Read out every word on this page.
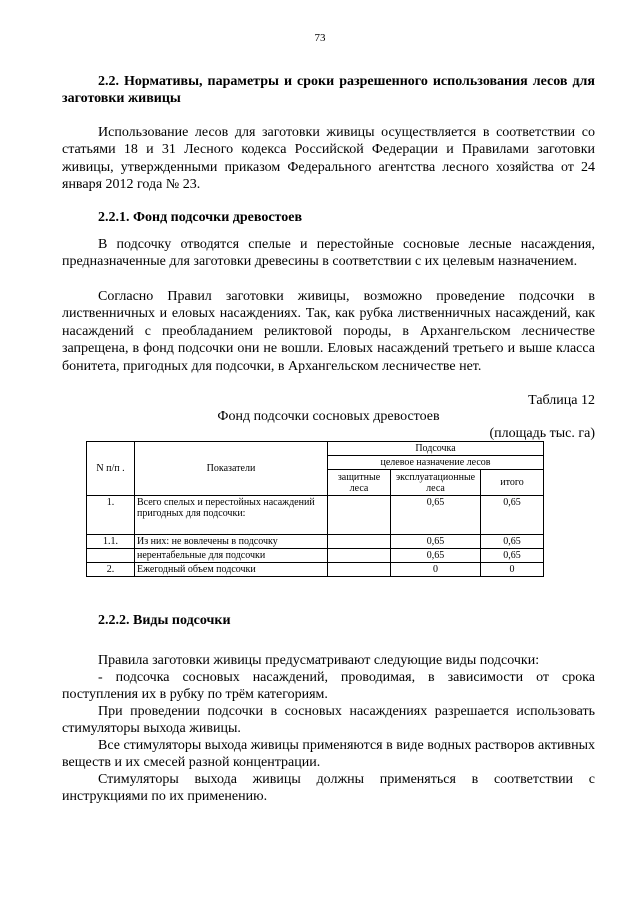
73
2.2. Нормативы, параметры и сроки разрешенного использования лесов для заготовки живицы
Использование лесов для заготовки живицы осуществляется в соответствии со статьями 18 и 31 Лесного кодекса Российской Федерации и Правилами заготовки живицы, утвержденными приказом Федерального агентства лесного хозяйства от 24 января 2012 года № 23.
2.2.1. Фонд подсочки древостоев
В подсочку отводятся спелые и перестойные сосновые лесные насаждения, предназначенные для заготовки древесины в соответствии с их целевым назначением.
Согласно Правил заготовки живицы, возможно проведение подсочки в лиственничных и еловых насаждениях. Так, как рубка лиственничных насаждений, как насаждений с преобладанием реликтовой породы, в Архангельском лесничестве запрещена, в фонд подсочки они не вошли. Еловых насаждений третьего и выше класса бонитета, пригодных для подсочки, в Архангельском лесничестве нет.
Таблица 12
Фонд подсочки сосновых древостоев
(площадь тыс. га)
N п/п .	Показатели	Подсочка		
		целевое назначение лесов		
		защитные леса	эксплуатационные леса	итого
1.	Всего спелых и перестойных насаждений пригодных для подсочки:		0,65	0,65
1.1.	Из них: не вовлечены в подсочку		0,65	0,65
	нерентабельные для подсочки		0,65	0,65
2.	Ежегодный объем подсочки		0	0
2.2.2. Виды подсочки
Правила заготовки живицы предусматривают следующие виды подсочки:
- подсочка сосновых насаждений, проводимая, в зависимости от срока поступления их в рубку по трём категориям.
При проведении подсочки в сосновых насаждениях разрешается использовать стимуляторы выхода живицы.
Все стимуляторы выхода живицы применяются в виде водных растворов активных веществ и их смесей разной концентрации.
Стимуляторы выхода живицы должны применяться в соответствии с инструкциями по их применению.
